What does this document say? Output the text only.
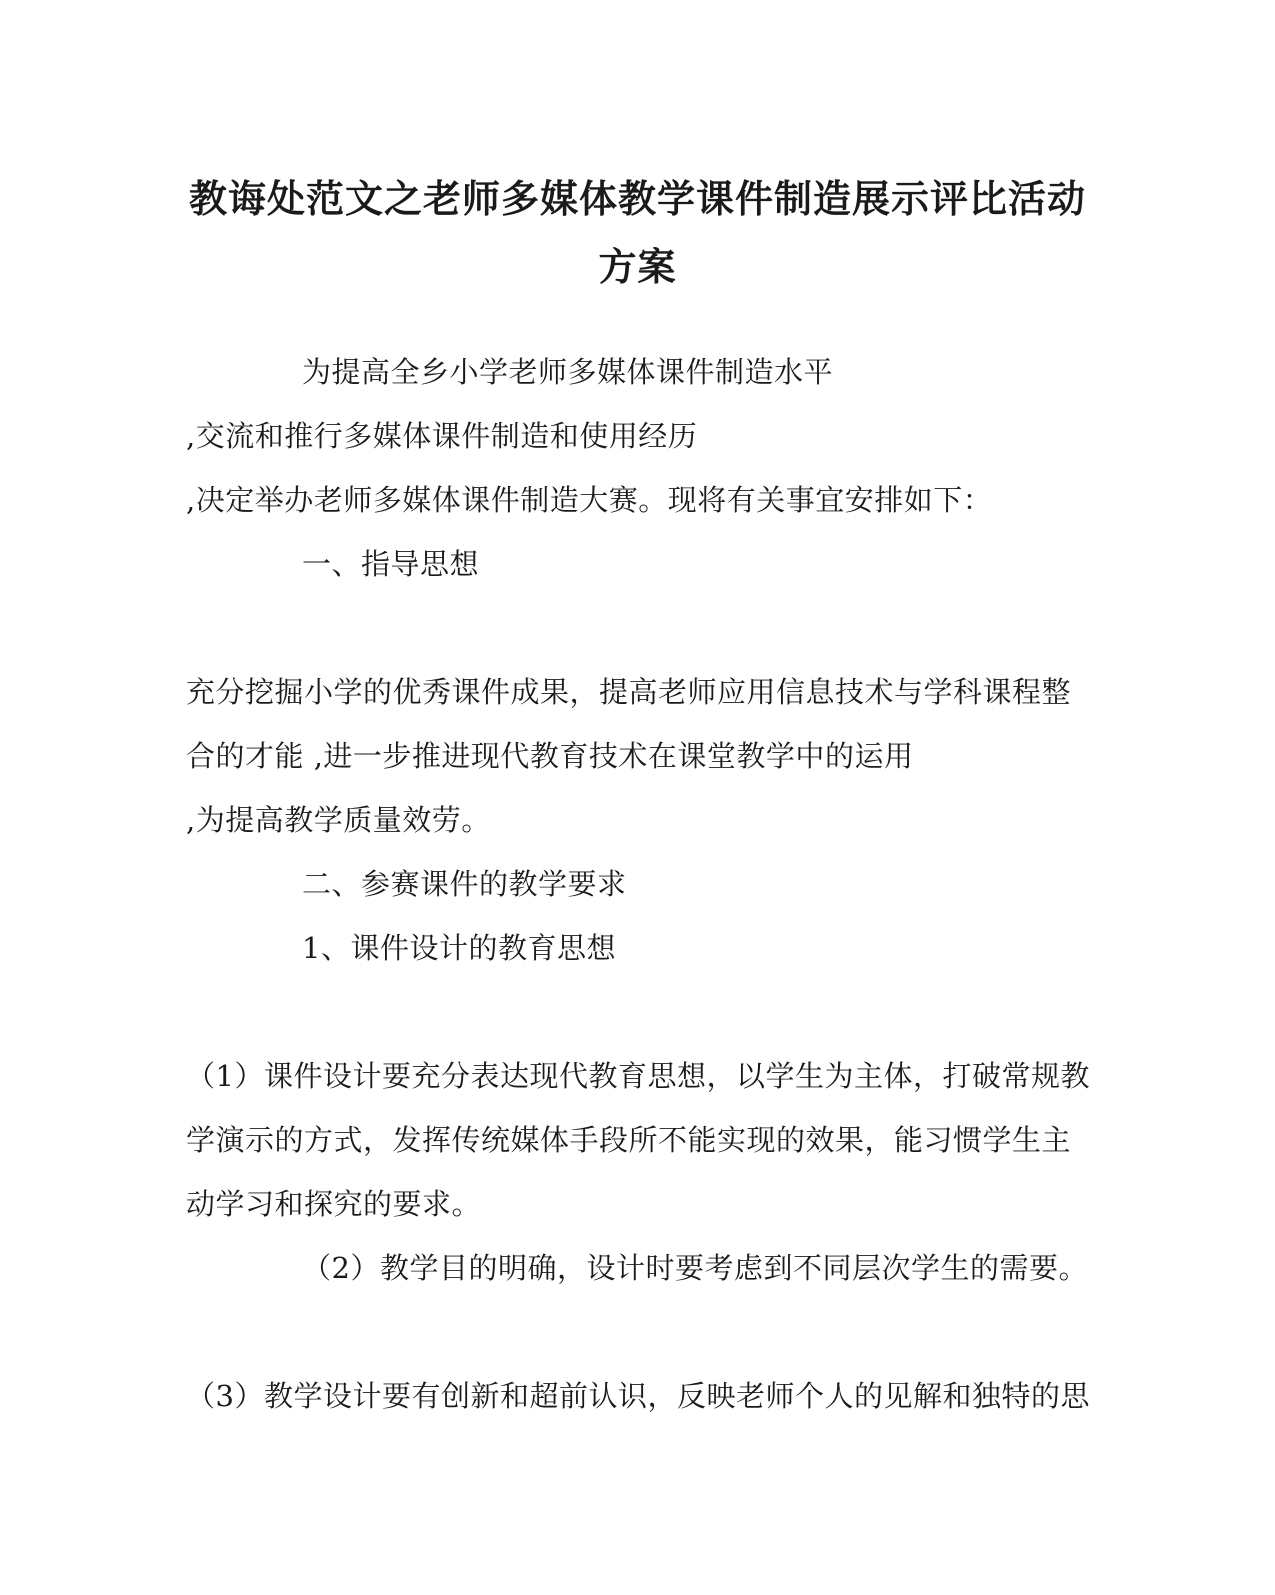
教诲处范文之老师多媒体教学课件制造展示评比活动
方案
为提高全乡小学老师多媒体课件制造水平
,交流和推行多媒体课件制造和使用经历
,决定举办老师多媒体课件制造大赛。现将有关事宜安排如下：
一、指导思想
充分挖掘小学的优秀课件成果，提高老师应用信息技术与学科课程整
合的才能 ,进一步推进现代教育技术在课堂教学中的运用
,为提高教学质量效劳。
二、参赛课件的教学要求
1、课件设计的教育思想
（1）课件设计要充分表达现代教育思想，以学生为主体，打破常规教
学演示的方式，发挥传统媒体手段所不能实现的效果，能习惯学生主
动学习和探究的要求。
（2）教学目的明确，设计时要考虑到不同层次学生的需要。
（3）教学设计要有创新和超前认识，反映老师个人的见解和独特的思
